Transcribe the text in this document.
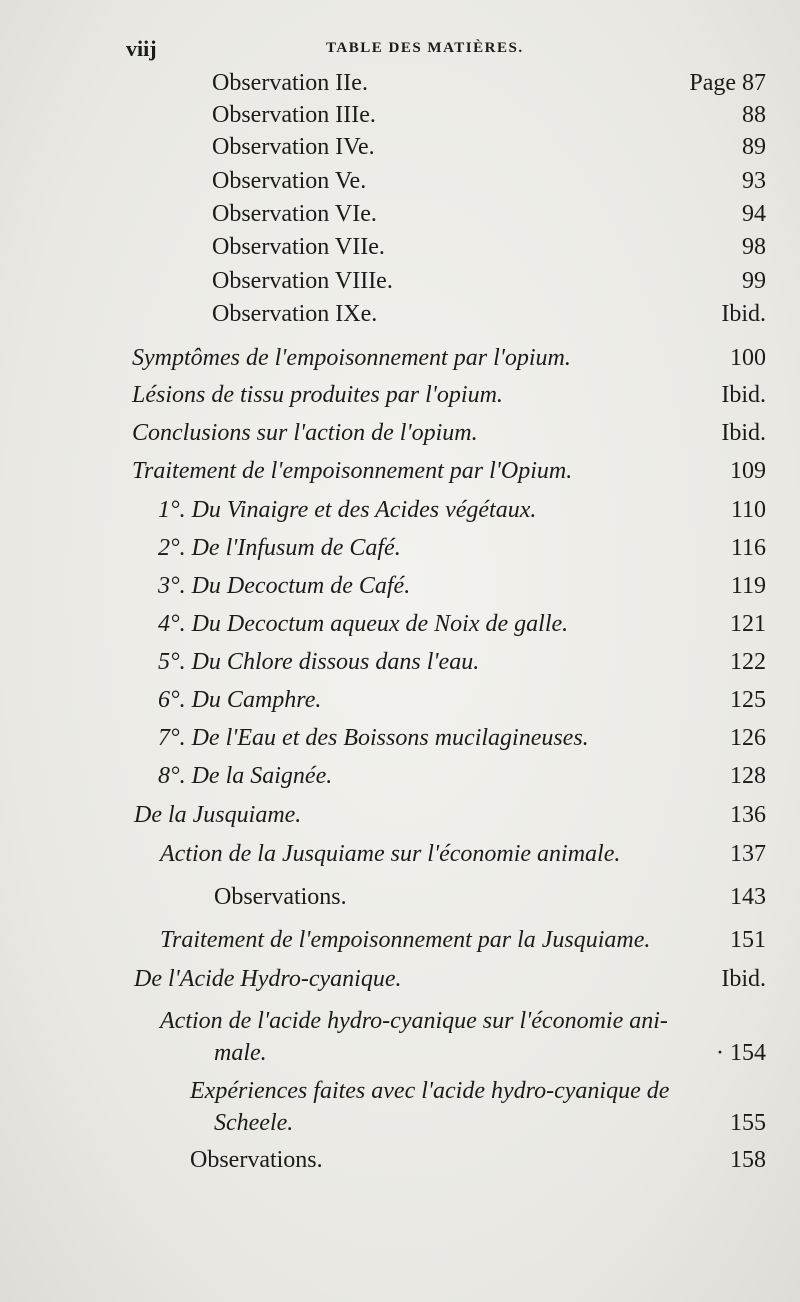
viij	TABLE DES MATIÈRES.
Observation IIe.	Page 87
Observation IIIe.	88
Observation IVe.	89
Observation Ve.	93
Observation VIe.	94
Observation VIIe.	98
Observation VIIIe.	99
Observation IXe.	Ibid.
Symptômes de l'empoisonnement par l'opium.	100
Lésions de tissu produites par l'opium.	Ibid.
Conclusions sur l'action de l'opium.	Ibid.
Traitement de l'empoisonnement par l'Opium.	109
1°. Du Vinaigre et des Acides végétaux.	110
2°. De l'Infusum de Café.	116
3°. Du Decoctum de Café.	119
4°. Du Decoctum aqueux de Noix de galle.	121
5°. Du Chlore dissous dans l'eau.	122
6°. Du Camphre.	125
7°. De l'Eau et des Boissons mucilagineuses.	126
8°. De la Saignée.	128
De la Jusquiame.	136
Action de la Jusquiame sur l'économie animale.	137
Observations.	143
Traitement de l'empoisonnement par la Jusquiame.	151
De l'Acide Hydro-cyanique.	Ibid.
Action de l'acide hydro-cyanique sur l'économie ani-
male.	· 154
Expériences faites avec l'acide hydro-cyanique de
Scheele.	155
Observations.	158
